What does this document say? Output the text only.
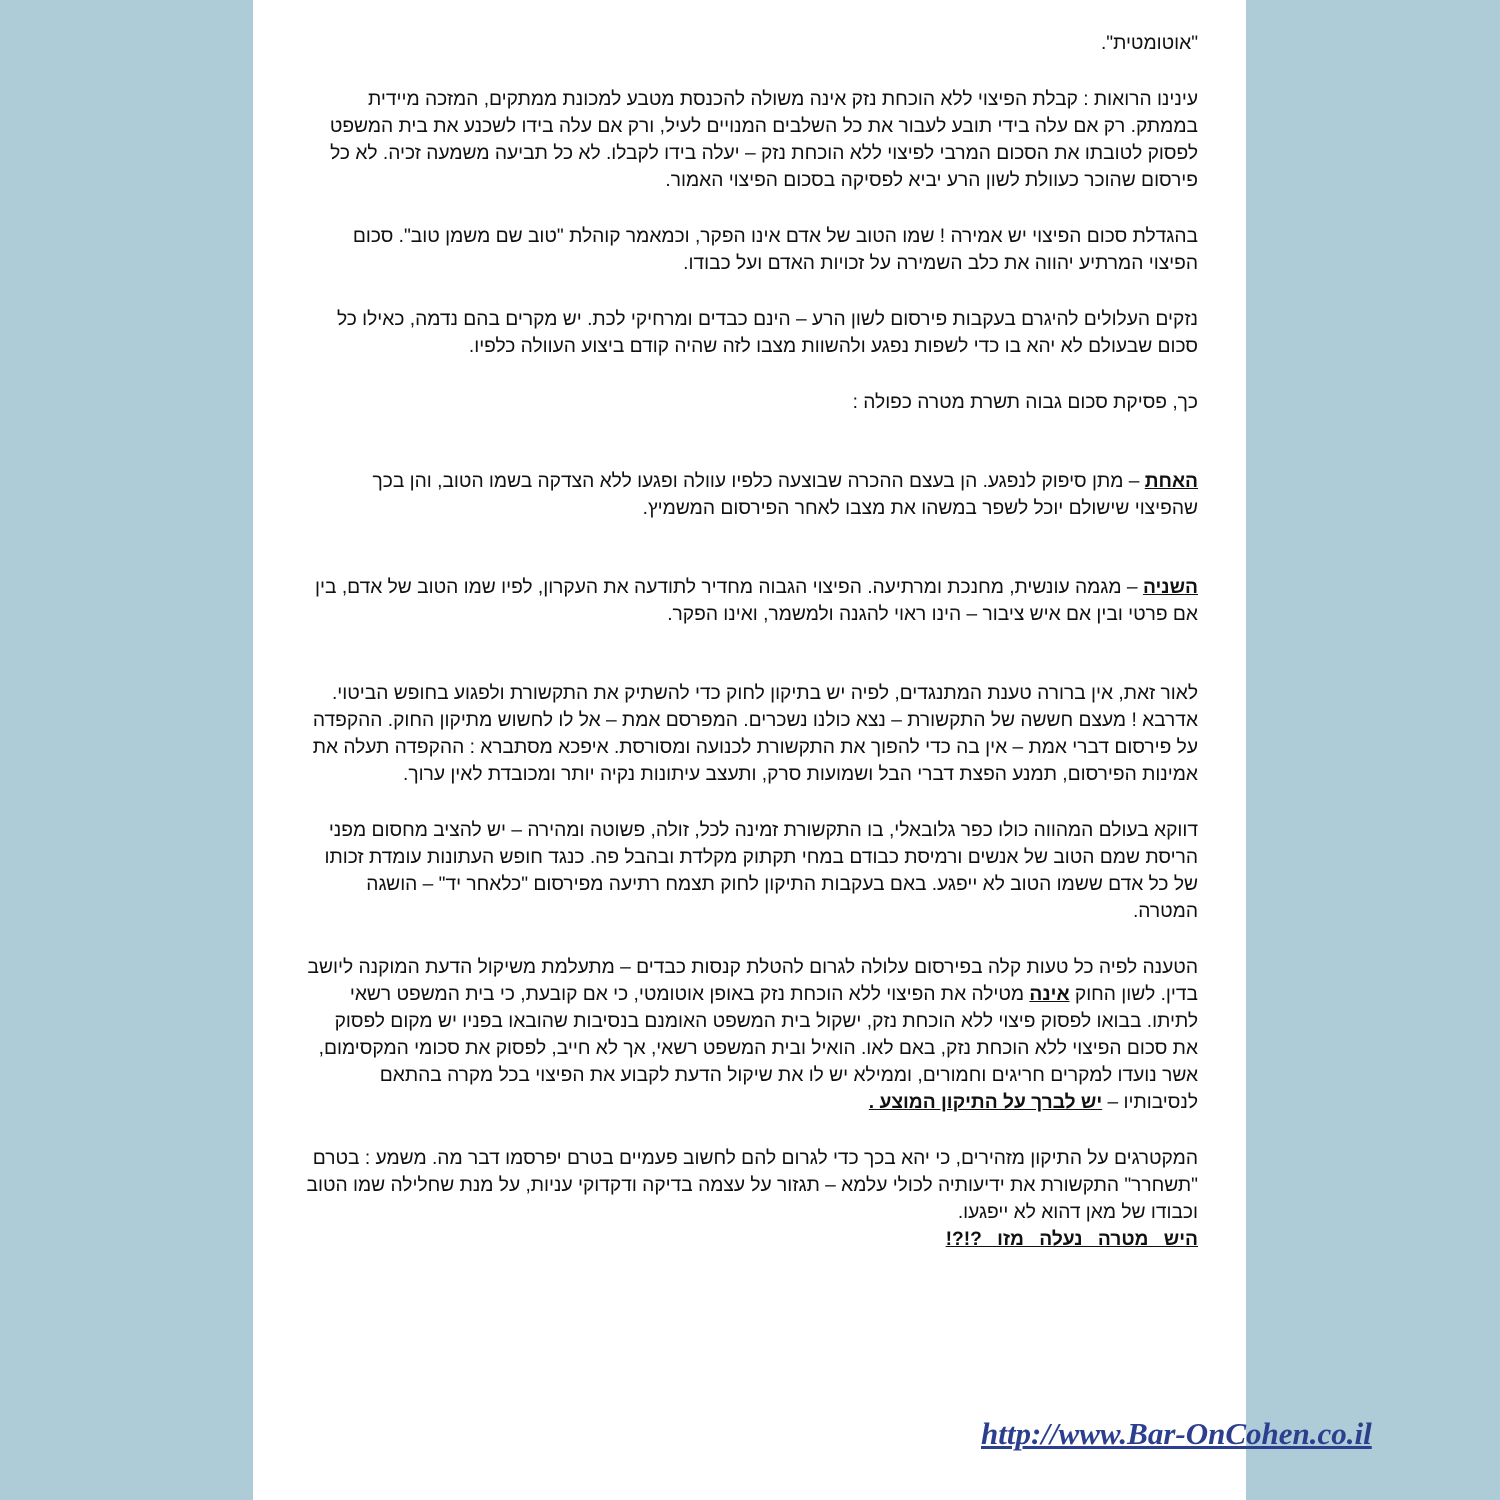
"אוטומטית".

עינינו הרואות : קבלת הפיצוי ללא הוכחת נזק אינה משולה להכנסת מטבע למכונת ממתקים, המזכה מיידית בממתק. רק אם עלה בידי תובע לעבור את כל השלבים המנויים לעיל, ורק אם עלה בידו לשכנע את בית המשפט לפסוק לטובתו את הסכום המרבי לפיצוי ללא הוכחת נזק – יעלה בידו לקבלו. לא כל תביעה משמעה זכיה. לא כל פירסום שהוכר כעוולת לשון הרע יביא לפסיקה בסכום הפיצוי האמור.

בהגדלת סכום הפיצוי יש אמירה ! שמו הטוב של אדם אינו הפקר, וכמאמר קוהלת "טוב שם משמן טוב". סכום הפיצוי המרתיע יהווה את כלב השמירה על זכויות האדם ועל כבודו.

נזקים העלולים להיגרם בעקבות פירסום לשון הרע – הינם כבדים ומרחיקי לכת. יש מקרים בהם נדמה, כאילו כל סכום שבעולם לא יהא בו כדי לשפות נפגע ולהשוות מצבו לזה שהיה קודם ביצוע העוולה כלפיו.

כך, פסיקת סכום גבוה תשרת מטרה כפולה :

האחת – מתן סיפוק לנפגע. הן בעצם ההכרה שבוצעה כלפיו עוולה ופגעו ללא הצדקה בשמו הטוב, והן בכך שהפיצוי שישולם יוכל לשפר במשהו את מצבו לאחר הפירסום המשמיץ.

השניה – מגמה עונשית, מחנכת ומרתיעה. הפיצוי הגבוה מחדיר לתודעה את העקרון, לפיו שמו הטוב של אדם, בין אם פרטי ובין אם איש ציבור – הינו ראוי להגנה ולמשמר, ואינו הפקר.

לאור זאת, אין ברורה טענת המתנגדים, לפיה יש בתיקון לחוק כדי להשתיק את התקשורת ולפגוע בחופש הביטוי. אדרבא ! מעצם חששה של התקשורת – נצא כולנו נשכרים. המפרסם אמת – אל לו לחשוש מתיקון החוק. ההקפדה על פירסום דברי אמת – אין בה כדי להפוך את התקשורת לכנועה ומסורסת. איפכא מסתברא : ההקפדה תעלה את אמינות הפירסום, תמנע הפצת דברי הבל ושמועות סרק, ותעצב עיתונות נקיה יותר ומכובדת לאין ערוך.

דווקא בעולם המהווה כולו כפר גלובאלי, בו התקשורת זמינה לכל, זולה, פשוטה ומהירה – יש להציב מחסום מפני הריסת שמם הטוב של אנשים ורמיסת כבודם במחי תקתוק מקלדת ובהבל פה. כנגד חופש העתונות עומדת זכותו של כל אדם ששמו הטוב לא ייפגע. באם בעקבות התיקון לחוק תצמח רתיעה מפירסום "כלאחר יד" – הושגה המטרה.

הטענה לפיה כל טעות קלה בפירסום עלולה לגרום להטלת קנסות כבדים – מתעלמת משיקול הדעת המוקנה ליושב בדין. לשון החוק אינה מטילה את הפיצוי ללא הוכחת נזק באופן אוטומטי, כי אם קובעת, כי בית המשפט רשאי לתיתו. בבואו לפסוק פיצוי ללא הוכחת נזק, ישקול בית המשפט האומנם בנסיבות שהובאו בפניו יש מקום לפסוק את סכום הפיצוי ללא הוכחת נזק, באם לאו. הואיל ובית המשפט רשאי, אך לא חייב, לפסוק את סכומי המקסימום, אשר נועדו למקרים חריגים וחמורים, וממילא יש לו את שיקול הדעת לקבוע את הפיצוי בכל מקרה בהתאם לנסיבותיו – יש לברך על התיקון המוצע .

המקטרגים על התיקון מזהירים, כי יהא בכך כדי לגרום להם לחשוב פעמיים בטרם יפרסמו דבר מה. משמע : בטרם "תשחרר" התקשורת את ידיעותיה לכולי עלמא – תגזור על עצמה בדיקה ודקדוקי עניות, על מנת שחלילה שמו הטוב וכבודו של מאן דהוא לא ייפגעו.

היש מטרה נעלה מזו ?!?!

http://www.Bar-OnCohen.co.il
